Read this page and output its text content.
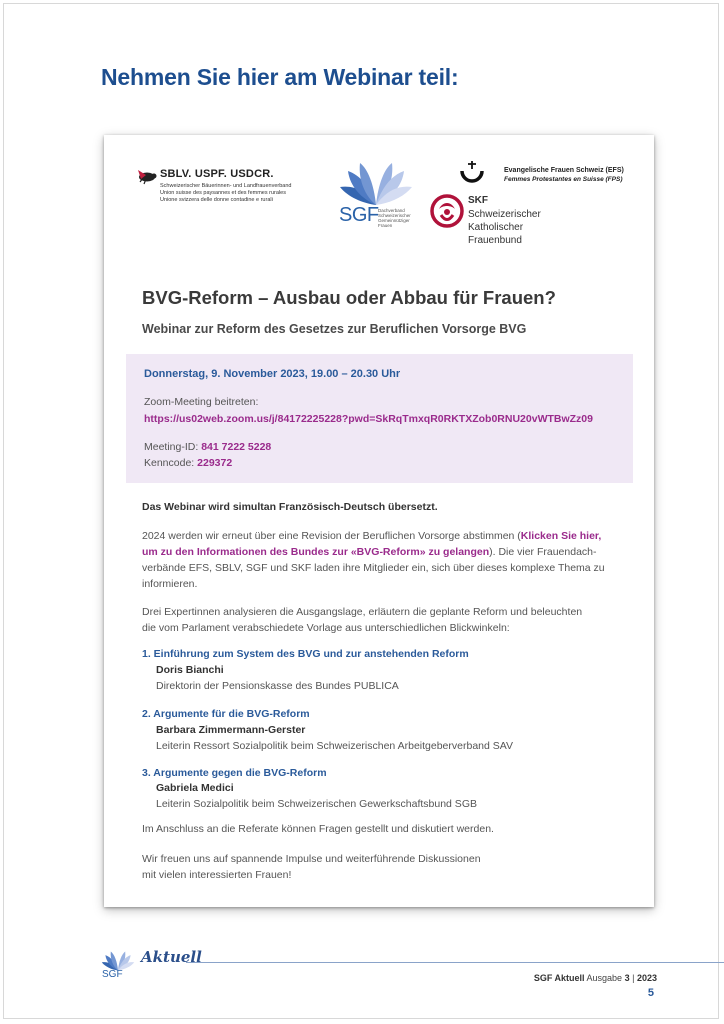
Nehmen Sie hier am Webinar teil:
SBLV. USPF. USDCR.
Schweizerischer Bäuerinnen- und Landfrauenverband
Union suisse des paysannes et des femmes rurales
Unione svizzera delle donne contadine e rurali
SGF Dachverband
Schweizerischer
Gemeinnütziger
Frauen
Evangelische Frauen Schweiz (EFS)
Femmes Protestantes en Suisse (FPS)
SKF
Schweizerischer
Katholischer
Frauenbund
BVG-Reform – Ausbau oder Abbau für Frauen?
Webinar zur Reform des Gesetzes zur Beruflichen Vorsorge BVG
Donnerstag, 9. November 2023, 19.00 – 20.30 Uhr
Zoom-Meeting beitreten:
https://us02web.zoom.us/j/84172225228?pwd=SkRqTmxqR0RKTXZob0RNU20vWTBwZz09
Meeting-ID: 841 7222 5228
Kenncode: 229372

Das Webinar wird simultan Französisch-Deutsch übersetzt.

2024 werden wir erneut über eine Revision der Beruflichen Vorsorge abstimmen (Klicken Sie hier,

um zu den Informationen des Bundes zur «BVG-Reform» zu gelangen). Die vier Frauendach-

verbände EFS, SBLV, SGF und SKF laden ihre Mitglieder ein, sich über dieses komplexe Thema zu

informieren.

Drei Expertinnen analysieren die Ausgangslage, erläutern die geplante Reform und beleuchten

die vom Parlament verabschiedete Vorlage aus unterschiedlichen Blickwinkeln:

1. Einführung zum System des BVG und zur anstehenden Reform
Doris Bianchi
Direktorin der Pensionskasse des Bundes PUBLICA
2. Argumente für die BVG-Reform
Barbara Zimmermann-Gerster
Leiterin Ressort Sozialpolitik beim Schweizerischen Arbeitgeberverband SAV
3. Argumente gegen die BVG-Reform
Gabriela Medici
Leiterin Sozialpolitik beim Schweizerischen Gewerkschaftsbund SGB

Im Anschluss an die Referate können Fragen gestellt und diskutiert werden.

Wir freuen uns auf spannende Impulse und weiterführende Diskussionen

mit vielen interessierten Frauen!

SGF
Aktuell
SGF Aktuell Ausgabe 3 | 2023
5
